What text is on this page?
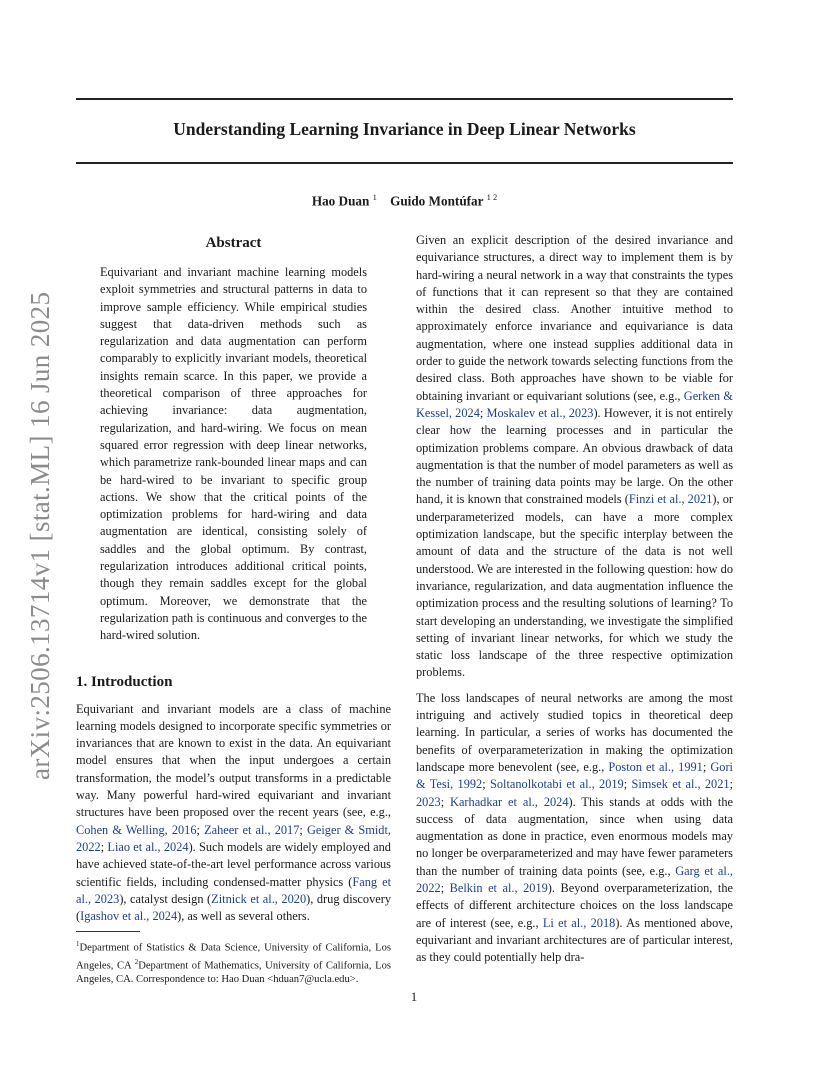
Understanding Learning Invariance in Deep Linear Networks
Hao Duan $^1$ Guido Montúfar $^{1 2}$
arXiv:2506.13714v1 [stat.ML] 16 Jun 2025
Abstract

Equivariant and invariant machine learning models exploit symmetries and structural patterns in data to improve sample efficiency. While empirical studies suggest that data-driven methods such as regularization and data augmentation can perform comparably to explicitly invariant models, theoretical insights remain scarce. In this paper, we provide a theoretical comparison of three approaches for achieving invariance: data augmentation, regularization, and hard-wiring. We focus on mean squared error regression with deep linear networks, which parametrize rank-bounded linear maps and can be hard-wired to be invariant to specific group actions. We show that the critical points of the optimization problems for hard-wiring and data augmentation are identical, consisting solely of saddles and the global optimum. By contrast, regularization introduces additional critical points, though they remain saddles except for the global optimum. Moreover, we demonstrate that the regularization path is continuous and converges to the hard-wired solution.

1. Introduction

Equivariant and invariant models are a class of machine learning models designed to incorporate specific symmetries or invariances that are known to exist in the data. An equivariant model ensures that when the input undergoes a certain transformation, the model’s output transforms in a predictable way. Many powerful hard-wired equivariant and invariant structures have been proposed over the recent years (see, e.g., Cohen & Welling, 2016; Zaheer et al., 2017; Geiger & Smidt, 2022; Liao et al., 2024). Such models are widely employed and have achieved state-of-the-art level performance across various scientific fields, including condensed-matter physics (Fang et al., 2023), catalyst design (Zitnick et al., 2020), drug discovery (Igashov et al., 2024), as well as several others.

$^1$Department of Statistics & Data Science, University of California, Los Angeles, CA $^2$Department of Mathematics, University of California, Los Angeles, CA. Correspondence to: Hao Duan <hduan7@ucla.edu>.

Given an explicit description of the desired invariance and equivariance structures, a direct way to implement them is by hard-wiring a neural network in a way that constraints the types of functions that it can represent so that they are contained within the desired class. Another intuitive method to approximately enforce invariance and equivariance is data augmentation, where one instead supplies additional data in order to guide the network towards selecting functions from the desired class. Both approaches have shown to be viable for obtaining invariant or equivariant solutions (see, e.g., Gerken & Kessel, 2024; Moskalev et al., 2023). However, it is not entirely clear how the learning processes and in particular the optimization problems compare. An obvious drawback of data augmentation is that the number of model parameters as well as the number of training data points may be large. On the other hand, it is known that constrained models (Finzi et al., 2021), or underparameterized models, can have a more complex optimization landscape, but the specific interplay between the amount of data and the structure of the data is not well understood. We are interested in the following question: how do invariance, regularization, and data augmentation influence the optimization process and the resulting solutions of learning? To start developing an understanding, we investigate the simplified setting of invariant linear networks, for which we study the static loss landscape of the three respective optimization problems.

The loss landscapes of neural networks are among the most intriguing and actively studied topics in theoretical deep learning. In particular, a series of works has documented the benefits of overparameterization in making the optimization landscape more benevolent (see, e.g., Poston et al., 1991; Gori & Tesi, 1992; Soltanolkotabi et al., 2019; Simsek et al., 2021; 2023; Karhadkar et al., 2024). This stands at odds with the success of data augmentation, since when using data augmentation as done in practice, even enormous models may no longer be overparameterized and may have fewer parameters than the number of training data points (see, e.g., Garg et al., 2022; Belkin et al., 2019). Beyond overparameterization, the effects of different architecture choices on the loss landscape are of interest (see, e.g., Li et al., 2018). As mentioned above, equivariant and invariant architectures are of particular interest, as they could potentially help dra-

1
